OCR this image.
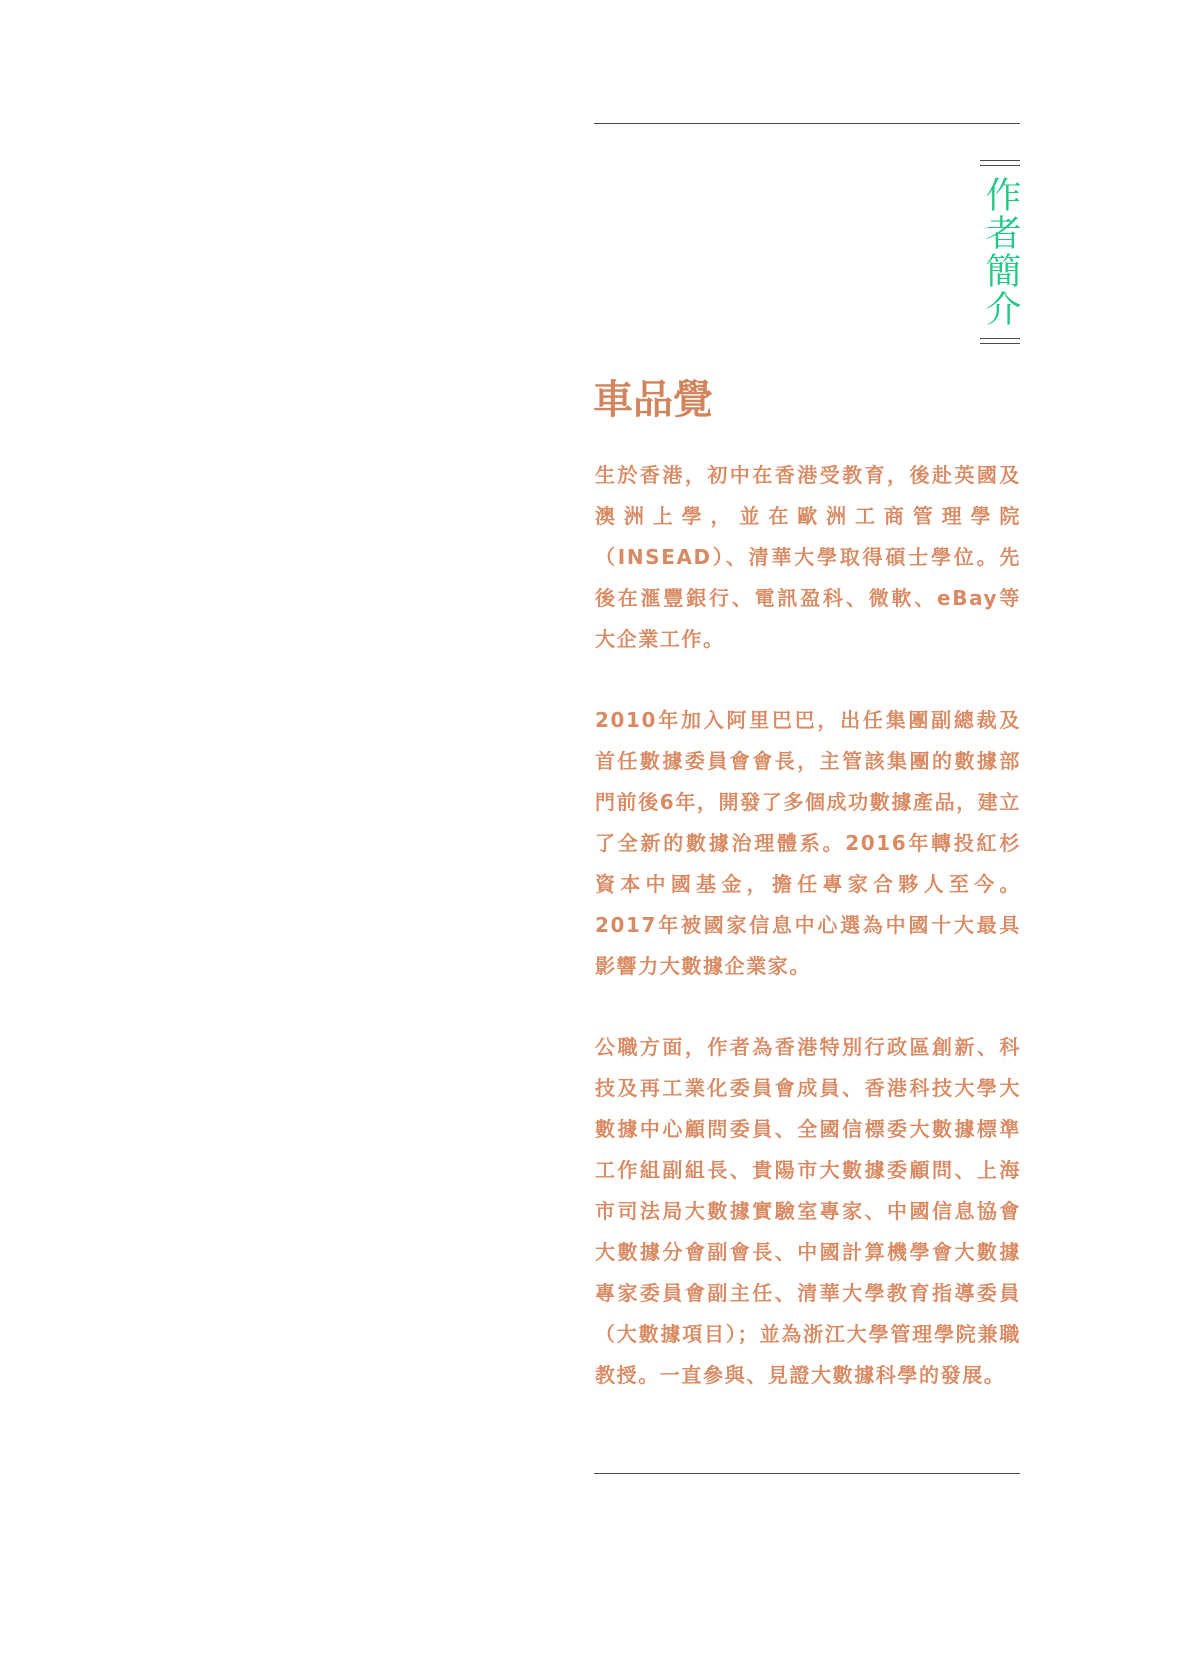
作者簡介
車品覺

生於香港，初中在香港受教育，後赴英國及澳洲上學，並在歐洲工商管理學院（INSEAD）、清華大學取得碩士學位。先後在滙豐銀行、電訊盈科、微軟、eBay等大企業工作。

2010年加入阿里巴巴，出任集團副總裁及首任數據委員會會長，主管該集團的數據部門前後6年，開發了多個成功數據產品，建立了全新的數據治理體系。2016年轉投紅杉資本中國基金，擔任專家合夥人至今。2017年被國家信息中心選為中國十大最具影響力大數據企業家。

公職方面，作者為香港特別行政區創新、科技及再工業化委員會成員、香港科技大學大數據中心顧問委員、全國信標委大數據標準工作組副組長、貴陽市大數據委顧問、上海市司法局大數據實驗室專家、中國信息協會大數據分會副會長、中國計算機學會大數據專家委員會副主任、清華大學教育指導委員（大數據項目）；並為浙江大學管理學院兼職教授。一直參與、見證大數據科學的發展。
